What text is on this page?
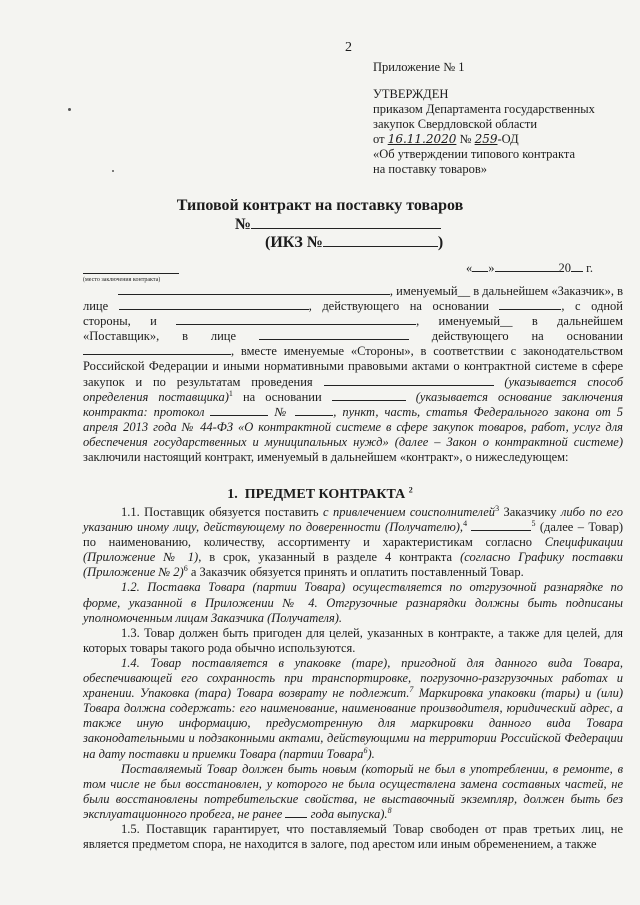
2
Приложение № 1
УТВЕРЖДЕН
приказом Департамента государственных
закупок Свердловской области
от 16.11.2020 № 259-ОД
«Об утверждении типового контракта
на поставку товаров»
Типовой контракт на поставку товаров
№
(ИКЗ №	)
« »	20 г.
(место заключения контракта)

, именуемый__ в дальнейшем «Заказчик», в

лице	, действующего на основании	, с одной

стороны, и	, именуемый__ в дальнейшем

«Поставщик», в лице	действующего на основании

, вместе именуемые «Стороны», в соответствии с законодательством Российской Федерации и иными нормативными правовыми актами о контрактной системе в сфере закупок и по результатам проведения	(указывается способ определения поставщика)$^1$ на основании	(указывается основание заключения контракта: протокол	№	, пункт, часть, статья Федерального закона от 5 апреля 2013 года № 44-ФЗ «О контрактной системе в сфере закупок товаров, работ, услуг для обеспечения государственных и муниципальных нужд» (далее – Закон о контрактной системе) заключили настоящий контракт, именуемый в дальнейшем «контракт», о нижеследующем:

1. ПРЕДМЕТ КОНТРАКТА $^2$

1.1. Поставщик обязуется поставить с привлечением соисполнителей$^3$ Заказчику либо по его указанию иному лицу, действующему по доверенности (Получателю),$^4$	$^5$ (далее – Товар) по наименованию, количеству, ассортименту и характеристикам согласно Спецификации (Приложение № 1), в срок, указанный в разделе 4 контракта (согласно Графику поставки (Приложение № 2)$^6$ а Заказчик обязуется принять и оплатить поставленный Товар.

1.2. Поставка Товара (партии Товара) осуществляется по отгрузочной разнарядке по форме, указанной в Приложении № 4. Отгрузочные разнарядки должны быть подписаны уполномоченным лицам Заказчика (Получателя).

1.3. Товар должен быть пригоден для целей, указанных в контракте, а также для целей, для которых товары такого рода обычно используются.

1.4. Товар поставляется в упаковке (таре), пригодной для данного вида Товара, обеспечивающей его сохранность при транспортировке, погрузочно-разгрузочных работах и хранении. Упаковка (тара) Товара возврату не подлежит.$^7$ Маркировка упаковки (тары) и (или) Товара должна содержать: его наименование, наименование производителя, юридический адрес, а также иную информацию, предусмотренную для маркировки данного вида Товара законодательными и подзаконными актами, действующими на территории Российской Федерации на дату поставки и приемки Товара (партии Товара$^6$).

Поставляемый Товар должен быть новым (который не был в употреблении, в ремонте, в том числе не был восстановлен, у которого не была осуществлена замена составных частей, не были восстановлены потребительские свойства, не выставочный экземпляр, должен быть без эксплуатационного пробега, не ранее года выпуска).$^8$

1.5. Поставщик гарантирует, что поставляемый Товар свободен от прав третьих лиц, не является предметом спора, не находится в залоге, под арестом или иным обременением, а также
